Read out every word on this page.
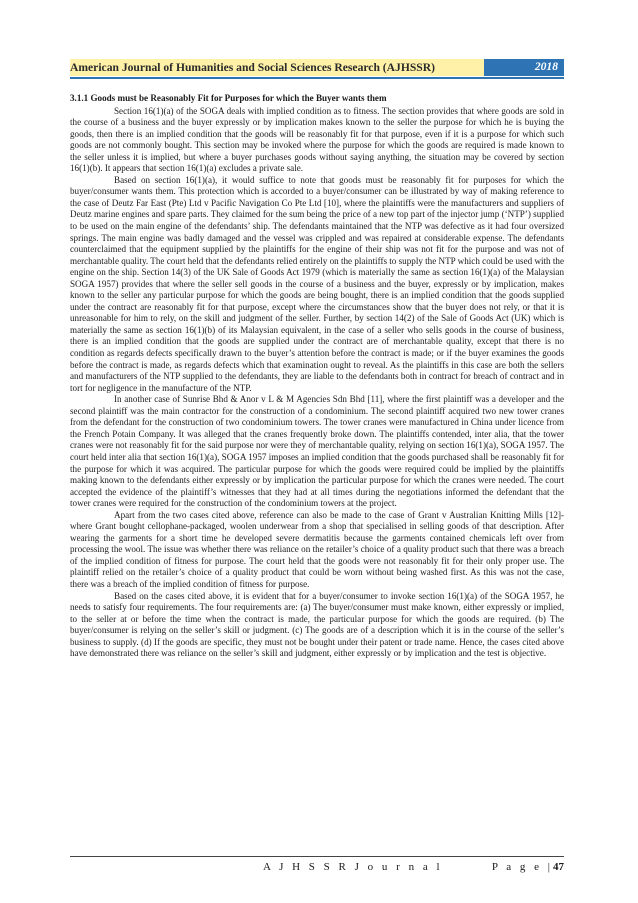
American Journal of Humanities and Social Sciences Research (AJHSSR)	2018
3.1.1 Goods must be Reasonably Fit for Purposes for which the Buyer wants them

Section 16(1)(a) of the SOGA deals with implied condition as to fitness. The section provides that where goods are sold in the course of a business and the buyer expressly or by implication makes known to the seller the purpose for which he is buying the goods, then there is an implied condition that the goods will be reasonably fit for that purpose, even if it is a purpose for which such goods are not commonly bought. This section may be invoked where the purpose for which the goods are required is made known to the seller unless it is implied, but where a buyer purchases goods without saying anything, the situation may be covered by section 16(1)(b). It appears that section 16(1)(a) excludes a private sale.

Based on section 16(1)(a), it would suffice to note that goods must be reasonably fit for purposes for which the buyer/consumer wants them. This protection which is accorded to a buyer/consumer can be illustrated by way of making reference to the case of Deutz Far East (Pte) Ltd v Pacific Navigation Co Pte Ltd [10], where the plaintiffs were the manufacturers and suppliers of Deutz marine engines and spare parts. They claimed for the sum being the price of a new top part of the injector jump (‘NTP’) supplied to be used on the main engine of the defendants’ ship. The defendants maintained that the NTP was defective as it had four oversized springs. The main engine was badly damaged and the vessel was crippled and was repaired at considerable expense. The defendants counterclaimed that the equipment supplied by the plaintiffs for the engine of their ship was not fit for the purpose and was not of merchantable quality. The court held that the defendants relied entirely on the plaintiffs to supply the NTP which could be used with the engine on the ship. Section 14(3) of the UK Sale of Goods Act 1979 (which is materially the same as section 16(1)(a) of the Malaysian SOGA 1957) provides that where the seller sell goods in the course of a business and the buyer, expressly or by implication, makes known to the seller any particular purpose for which the goods are being bought, there is an implied condition that the goods supplied under the contract are reasonably fit for that purpose, except where the circumstances show that the buyer does not rely, or that it is unreasonable for him to rely, on the skill and judgment of the seller. Further, by section 14(2) of the Sale of Goods Act (UK) which is materially the same as section 16(1)(b) of its Malaysian equivalent, in the case of a seller who sells goods in the course of business, there is an implied condition that the goods are supplied under the contract are of merchantable quality, except that there is no condition as regards defects specifically drawn to the buyer’s attention before the contract is made; or if the buyer examines the goods before the contract is made, as regards defects which that examination ought to reveal. As the plaintiffs in this case are both the sellers and manufacturers of the NTP supplied to the defendants, they are liable to the defendants both in contract for breach of contract and in tort for negligence in the manufacture of the NTP.

In another case of Sunrise Bhd & Anor v L & M Agencies Sdn Bhd [11], where the first plaintiff was a developer and the second plaintiff was the main contractor for the construction of a condominium. The second plaintiff acquired two new tower cranes from the defendant for the construction of two condominium towers. The tower cranes were manufactured in China under licence from the French Potain Company. It was alleged that the cranes frequently broke down. The plaintiffs contended, inter alia, that the tower cranes were not reasonably fit for the said purpose nor were they of merchantable quality, relying on section 16(1)(a), SOGA 1957. The court held inter alia that section 16(1)(a), SOGA 1957 imposes an implied condition that the goods purchased shall be reasonably fit for the purpose for which it was acquired. The particular purpose for which the goods were required could be implied by the plaintiffs making known to the defendants either expressly or by implication the particular purpose for which the cranes were needed. The court accepted the evidence of the plaintiff’s witnesses that they had at all times during the negotiations informed the defendant that the tower cranes were required for the construction of the condominium towers at the project.

Apart from the two cases cited above, reference can also be made to the case of Grant v Australian Knitting Mills [12]-where Grant bought cellophane-packaged, woolen underwear from a shop that specialised in selling goods of that description. After wearing the garments for a short time he developed severe dermatitis because the garments contained chemicals left over from processing the wool. The issue was whether there was reliance on the retailer’s choice of a quality product such that there was a breach of the implied condition of fitness for purpose. The court held that the goods were not reasonably fit for their only proper use. The plaintiff relied on the retailer’s choice of a quality product that could be worn without being washed first. As this was not the case, there was a breach of the implied condition of fitness for purpose.

Based on the cases cited above, it is evident that for a buyer/consumer to invoke section 16(1)(a) of the SOGA 1957, he needs to satisfy four requirements. The four requirements are: (a) The buyer/consumer must make known, either expressly or implied, to the seller at or before the time when the contract is made, the particular purpose for which the goods are required. (b) The buyer/consumer is relying on the seller’s skill or judgment. (c) The goods are of a description which it is in the course of the seller’s business to supply. (d) If the goods are specific, they must not be bought under their patent or trade name. Hence, the cases cited above have demonstrated there was reliance on the seller’s skill and judgment, either expressly or by implication and the test is objective.

A J H S S R J o u r n a l	P a g e |47
